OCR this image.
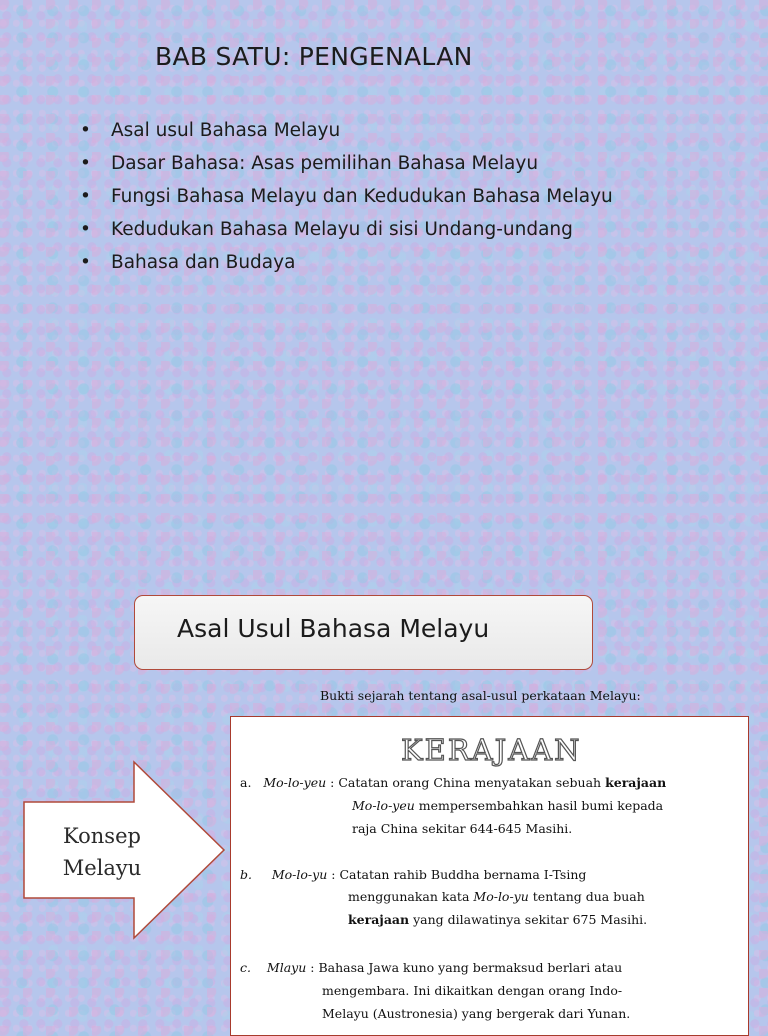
BAB SATU: PENGENALAN
• Asal usul Bahasa Melayu
• Dasar Bahasa: Asas pemilihan Bahasa Melayu
• Fungsi Bahasa Melayu dan Kedudukan Bahasa Melayu
• Kedudukan Bahasa Melayu di sisi Undang-undang
• Bahasa dan Budaya
Asal Usul Bahasa Melayu
Bukti sejarah tentang asal-usul perkataan Melayu:
Konsep
Melayu
KERAJAAN
a. Mo-lo-yeu : Catatan orang China menyatakan sebuah kerajaan
Mo-lo-yeu mempersembahkan hasil bumi kepada
raja China sekitar 644-645 Masihi.
b. Mo-lo-yu : Catatan rahib Buddha bernama I-Tsing
menggunakan kata Mo-lo-yu tentang dua buah
kerajaan yang dilawatinya sekitar 675 Masihi.
c. Mlayu : Bahasa Jawa kuno yang bermaksud berlari atau
mengembara. Ini dikaitkan dengan orang Indo-
Melayu (Austronesia) yang bergerak dari Yunan.
